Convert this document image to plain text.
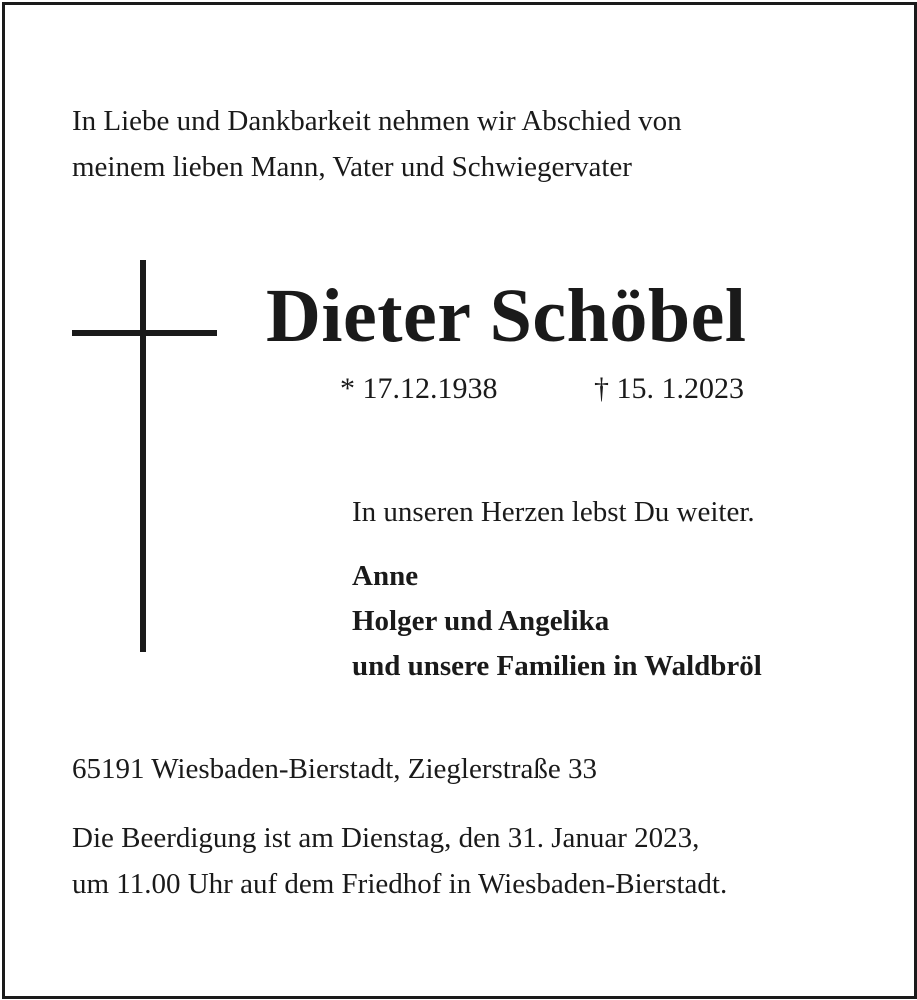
In Liebe und Dankbarkeit nehmen wir Abschied von
meinem lieben Mann, Vater und Schwiegervater
Dieter Schöbel
* 17.12.1938	† 15. 1.2023
In unseren Herzen lebst Du weiter.
Anne
Holger und Angelika
und unsere Familien in Waldbröl
65191 Wiesbaden-Bierstadt, Zieglerstraße 33
Die Beerdigung ist am Dienstag, den 31. Januar 2023,
um 11.00 Uhr auf dem Friedhof in Wiesbaden-Bierstadt.
